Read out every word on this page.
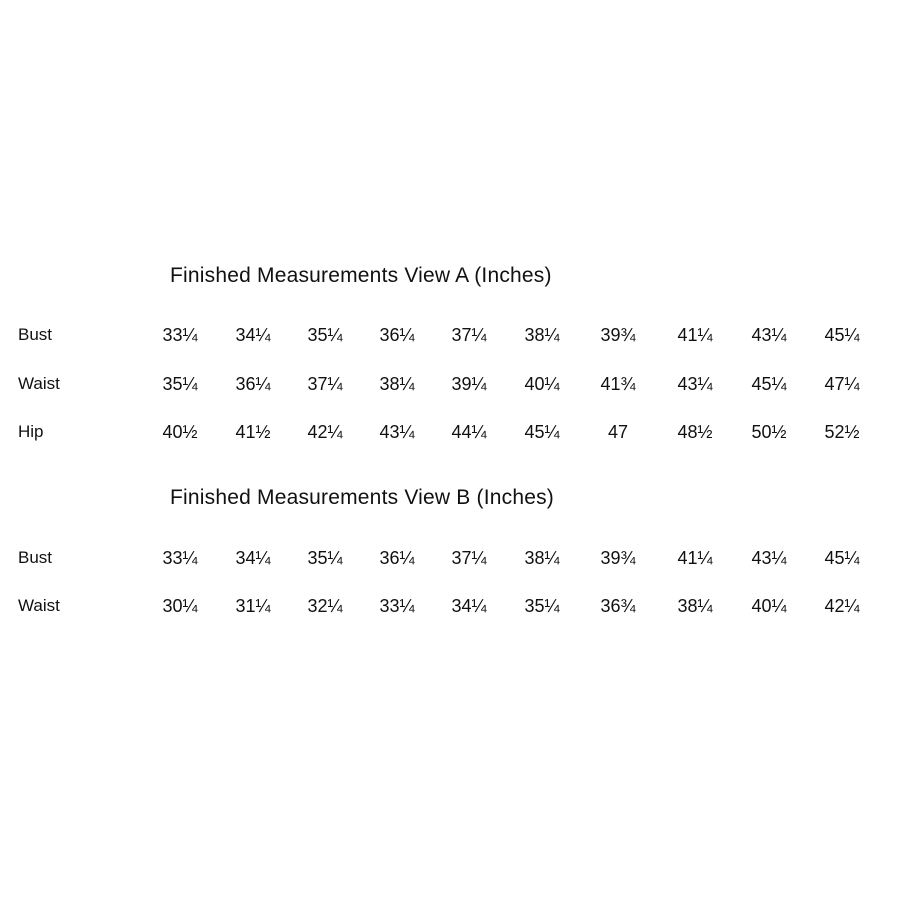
Finished Measurements View A (Inches)
Bust	33¼	34¼	35¼	36¼	37¼	38¼	39¾	41¼	43¼	45¼
Waist	35¼	36¼	37¼	38¼	39¼	40¼	41¾	43¼	45¼	47¼
Hip	40½	41½	42¼	43¼	44¼	45¼	47	48½	50½	52½
Finished Measurements View B (Inches)
Bust	33¼	34¼	35¼	36¼	37¼	38¼	39¾	41¼	43¼	45¼
Waist	30¼	31¼	32¼	33¼	34¼	35¼	36¾	38¼	40¼	42¼
